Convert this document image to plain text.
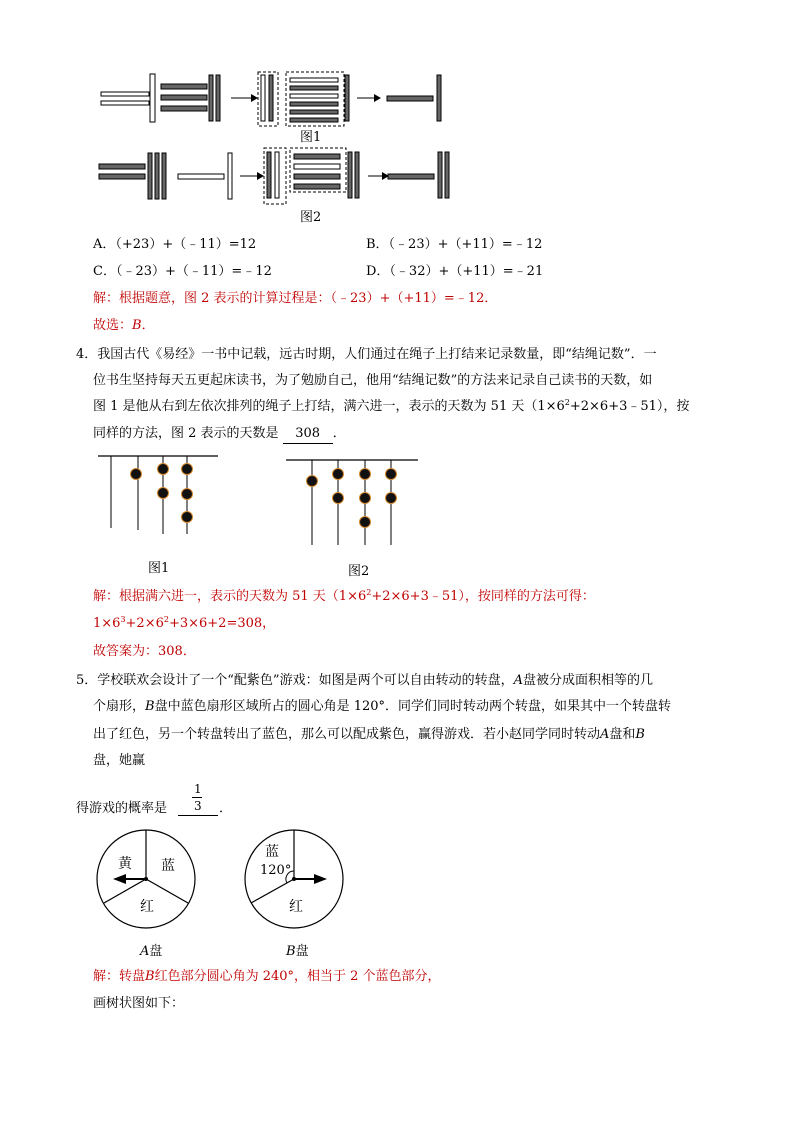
图1
图2
A．（+23）+（﹣11）=12	B．（﹣23）+（+11）=﹣12
C．（﹣23）+（﹣11）=﹣12	D．（﹣32）+（+11）=﹣21
解：根据题意，图 2 表示的计算过程是：（﹣23）+（+11）=﹣12．
故选：B．
4．我国古代《易经》一书中记载，远古时期，人们通过在绳子上打结来记录数量，即“结绳记数”．一
位书生坚持每天五更起床读书，为了勉励自己，他用“结绳记数”的方法来记录自己读书的天数，如
图 1 是他从右到左依次排列的绳子上打结，满六进一，表示的天数为 51 天$(1\times 6^2+2\times 6+3﹣51)$，按
同样的方法，图 2 表示的天数是 308 ．
图1	图2
解：根据满六进一，表示的天数为 51 天$(1\times 6^2+2\times 6+3﹣51)$，按同样的方法可得：
$1\times 6^3+2\times 6^2+3\times 6+2=308$，
故答案为：308．
5．学校联欢会设计了一个“配紫色”游戏：如图是两个可以自由转动的转盘，A盘被分成面积相等的几
个扇形，B盘中蓝色扇形区域所占的圆心角是 120°．同学们同时转动两个转盘，如果其中一个转盘转
出了红色，另一个转盘转出了蓝色，那么可以配成紫色，赢得游戏．若小赵同学同时转动A盘和B
盘，她赢
1
3
得游戏的概率是	．
黄 蓝
红
A盘
蓝
120°
红
B盘
解：转盘B红色部分圆心角为 240°，相当于 2 个蓝色部分，
画树状图如下：
